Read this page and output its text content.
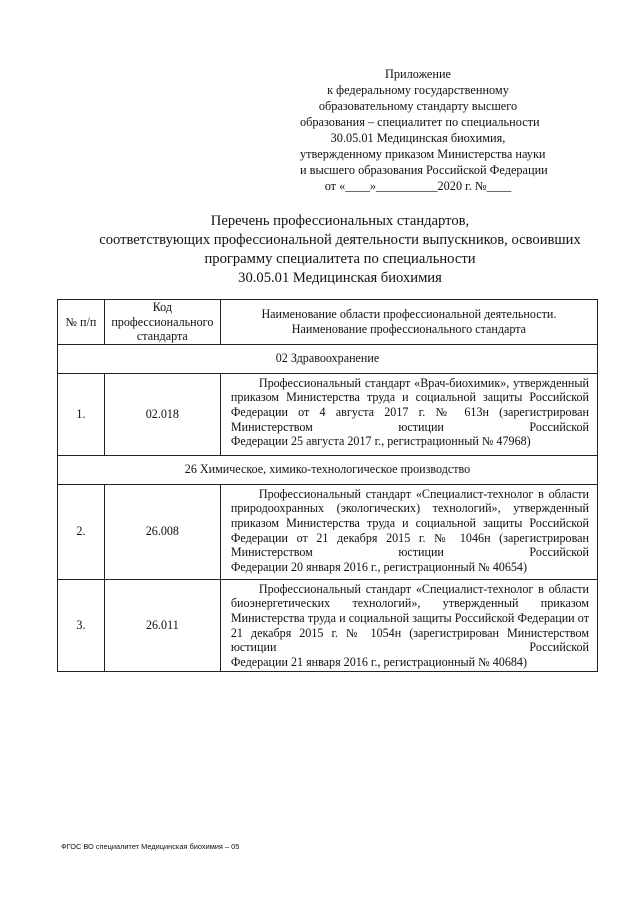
Приложение
к федеральному государственному
образовательному стандарту высшего
образования – специалитет по специальности
30.05.01 Медицинская биохимия,
утвержденному приказом Министерства науки
и высшего образования Российской Федерации
от «____»__________2020 г. №____
Перечень профессиональных стандартов,
соответствующих профессиональной деятельности выпускников, освоивших
программу специалитета по специальности
30.05.01 Медицинская биохимия
№ п/п	Код профессионального стандарта	Наименование области профессиональной деятельности.
Наименование профессионального стандарта

02 Здравоохранение		
1.	02.018	Профессиональный стандарт «Врач-биохимик», утвержденный приказом Министерства труда и социальной защиты Российской Федерации от 4 августа 2017 г. № 613н (зарегистрирован Министерством юстиции Российской
Федерации 25 августа 2017 г., регистрационный № 47968)

26 Химическое, химико-технологическое производство		
2.	26.008	Профессиональный стандарт «Специалист-технолог в области природоохранных (экологических) технологий», утвержденный приказом Министерства труда и социальной защиты Российской Федерации от 21 декабря 2015 г. № 1046н (зарегистрирован Министерством юстиции Российской
Федерации 20 января 2016 г., регистрационный № 40654)

3.	26.011	Профессиональный стандарт «Специалист-технолог в области биоэнергетических технологий», утвержденный приказом Министерства труда и социальной защиты Российской Федерации от 21 декабря 2015 г. № 1054н (зарегистрирован Министерством юстиции Российской
Федерации 21 января 2016 г., регистрационный № 40684)
ФГОС ВО специалитет Медицинская биохимия – 05
